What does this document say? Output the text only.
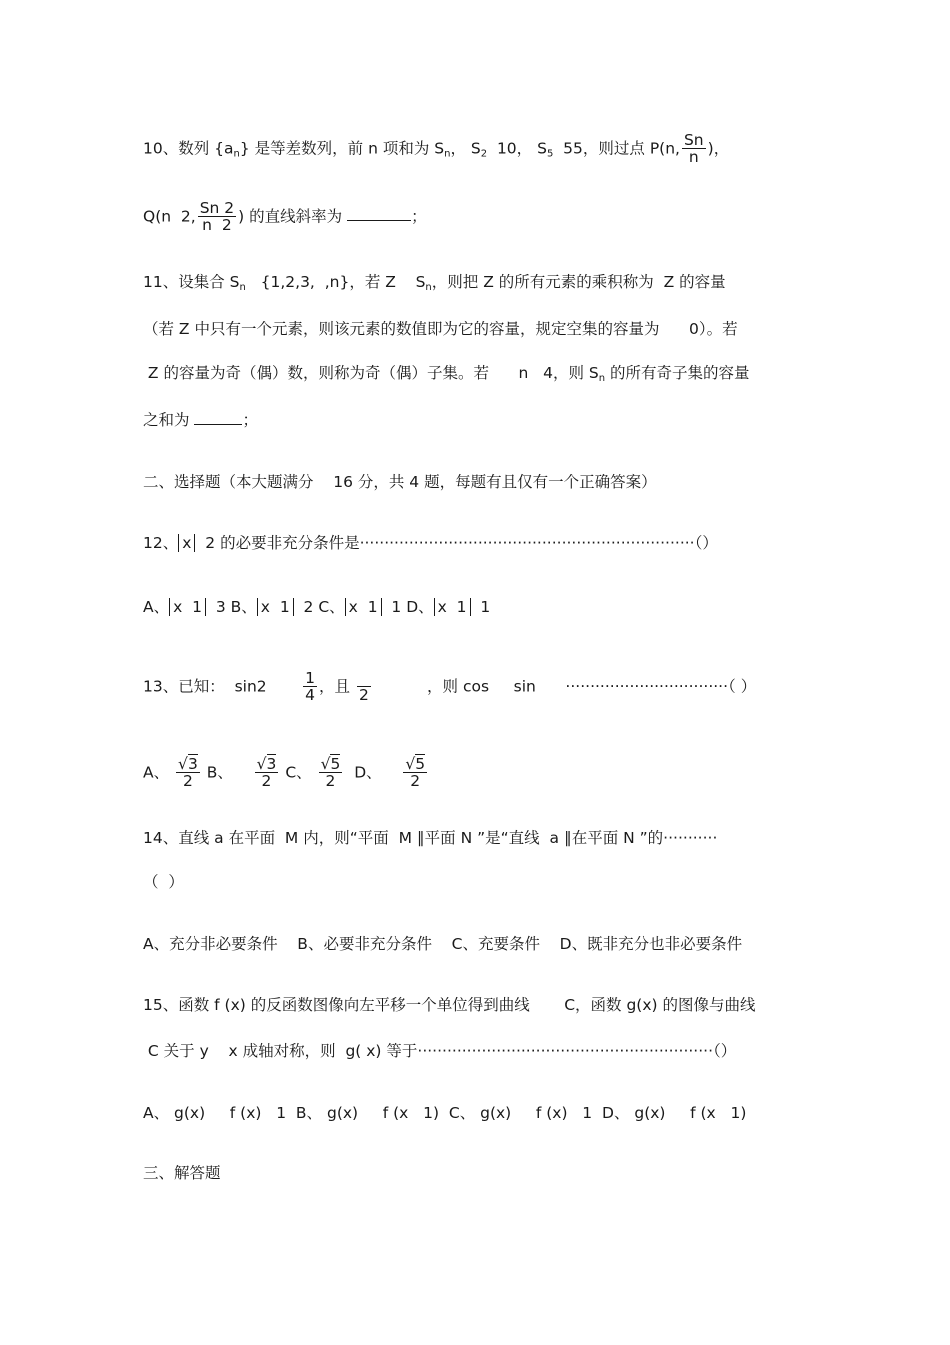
10、数列 $\{a_n\}$ 是等差数列，前 n 项和为 $S_n$， $S_2$  10， $S_5$  55，则过点 P(n, $\frac{Sn}{n}$ )，
Q(n  2, $\frac{Sn 2}{n 2}$ ) 的直线斜率为	；
11、设集合 $S_n$   {1,2,3,  ,n}，若 Z    $S_n$，则把 Z 的所有元素的乘积称为  Z 的容量
（若 Z 中只有一个元素，则该元素的数值即为它的容量，规定空集的容量为      0）。若
Z 的容量为奇（偶）数，则称为奇（偶）子集。若      n   4，则 $S_n$ 的所有奇子集的容量
之和为	；
二、选择题（本大题满分    16 分，共 4 题，每题有且仅有一个正确答案）
12、 x  2 的必要非充分条件是····································································（）
A、 x  1  3 B、 x  1  2 C、 x  1  1 D、 x  1  1
13、已知：  $\sin 2 \frac{1}{4}$ ，且
2 ，则 cos     sin      ·································（ ）
A、 $\frac{√3}{2}$ B、 $\frac{√3}{2}$ C、 $\frac{√5}{2}$ D、 $\frac{√5}{2}$
14、直线 a 在平面  M 内，则“平面  M ∥平面 N ”是“直线  a ∥在平面 N ”的···········
（  ）
A、充分非必要条件    B、必要非充分条件    C、充要条件    D、既非充分也非必要条件
15、函数 f (x) 的反函数图像向左平移一个单位得到曲线       C，函数 g(x) 的图像与曲线
C 关于 y    x 成轴对称，则  g( x) 等于····························································（）
A、 g(x)     f (x)   1  B、 g(x)     f (x   1)  C、 g(x)     f (x)   1  D、 g(x)     f (x   1)
三、解答题
